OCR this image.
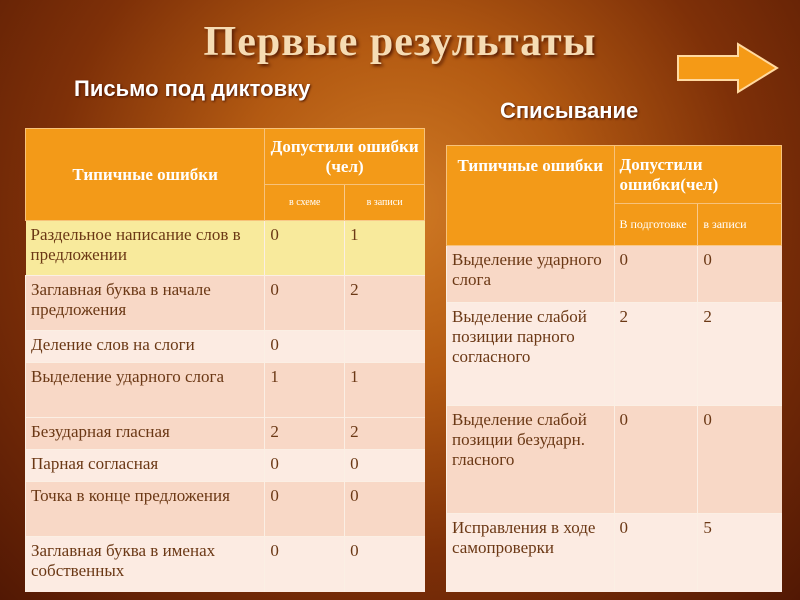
Первые результаты
Письмо под диктовку
Списывание
Типичные ошибки	Допустили ошибки (чел)	
	в схеме	в записи
Раздельное написание слов в предложении	0	1
Заглавная буква в начале предложения	0	2
Деление слов на слоги	0	
Выделение ударного слога	1	1
Безударная гласная	2	2
Парная согласная	0	0
Точка в конце предложения	0	0
Заглавная буква в именах собственных	0	0
Типичные ошибки	Допустили ошибки(чел)	
	В подготовке	в записи
Выделение ударного слога	0	0
Выделение слабой позиции парного согласного	2	2
Выделение слабой позиции безударн. гласного	0	0
Исправления в ходе самопроверки	0	5
